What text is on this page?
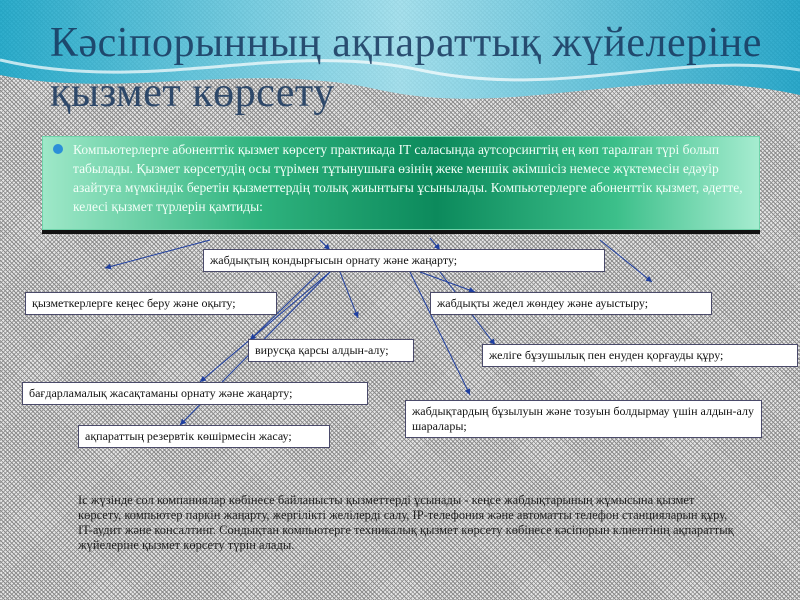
Кәсіпорынның ақпараттық жүйелеріне қызмет көрсету
Компьютерлерге абоненттік қызмет көрсету практикада IT саласында аутсорсингтің ең көп таралған түрі болып табылады. Қызмет көрсетудің осы түрімен тұтынушыға өзінің жеке меншік әкімшісіз немесе жүктемесін едәуір азайтуға мүмкіндік беретін қызметтердің толық жиынтығы ұсынылады. Компьютерлерге абоненттік қызмет, әдетте, келесі қызмет түрлерін қамтиды:
жабдықтың кондырғысын орнату және жаңарту;
қызметкерлерге кеңес беру және оқыту;	жабдықты жедел жөндеу және ауыстыру;
вирусқа қарсы алдын-алу;	желіге бұзушылық пен енуден қорғауды құру;
бағдарламалық жасақтаманы орнату және жаңарту;
жабдықтардың бұзылуын және тозуын болдырмау үшін алдын-алу шаралары;
ақпараттың резервтік көшірмесін жасау;
Іс жүзінде сол компаниялар көбінесе байланысты қызметтерді ұсынады - кеңсе жабдықтарының жұмысына қызмет көрсету, компьютер паркін жаңарту, жергілікті желілерді салу, IP-телефония және автоматты телефон станцияларын құру, IT-аудит және консалтинг. Сондықтан компьютерге техникалық қызмет көрсету көбінесе кәсіпорын клиентінің ақпараттық жүйелеріне қызмет көрсету түрін алады.
